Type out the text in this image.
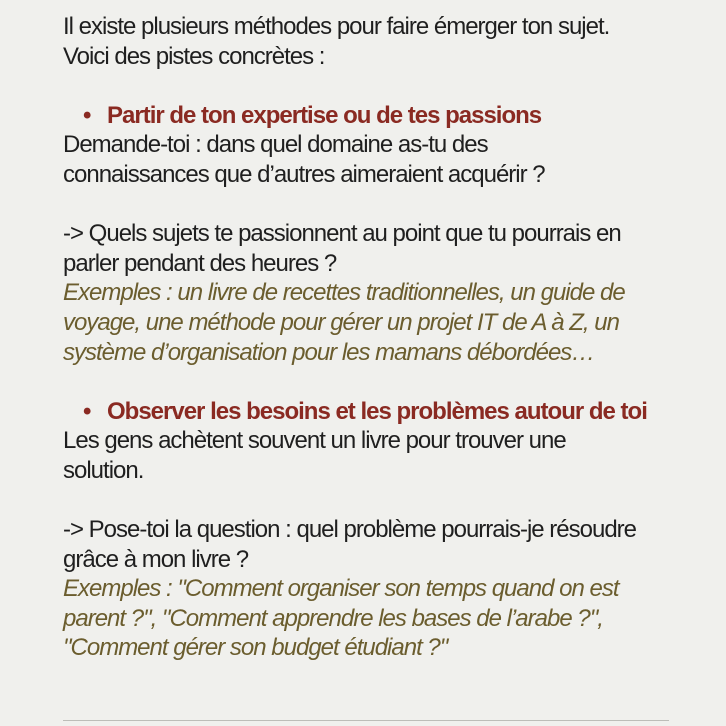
Il existe plusieurs méthodes pour faire émerger ton sujet.

Voici des pistes concrètes :

• Partir de ton expertise ou de tes passions

Demande-toi : dans quel domaine as-tu des

connaissances que d’autres aimeraient acquérir ?

-> Quels sujets te passionnent au point que tu pourrais en

parler pendant des heures ?

Exemples : un livre de recettes traditionnelles, un guide de

voyage, une méthode pour gérer un projet IT de A à Z, un

système d’organisation pour les mamans débordées…

• Observer les besoins et les problèmes autour de toi

Les gens achètent souvent un livre pour trouver une

solution.

-> Pose-toi la question : quel problème pourrais-je résoudre

grâce à mon livre ?

Exemples : "Comment organiser son temps quand on est

parent ?", "Comment apprendre les bases de l’arabe ?",

"Comment gérer son budget étudiant ?"
